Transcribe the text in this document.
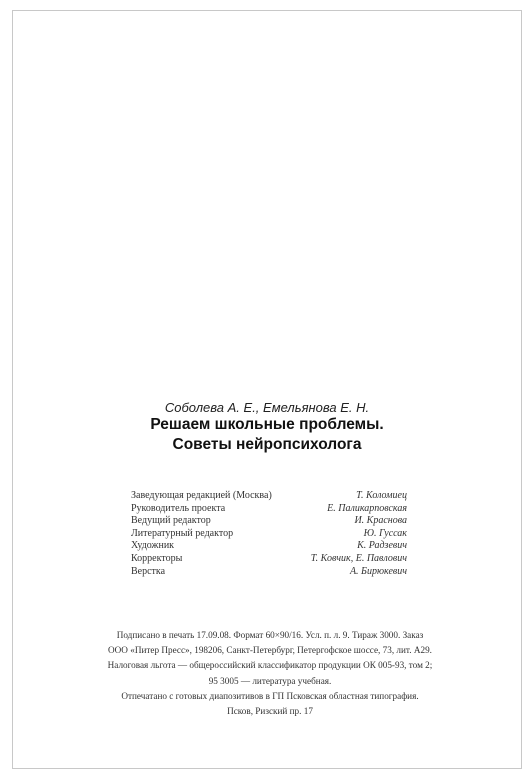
Соболева А. Е., Емельянова Е. Н.
Решаем школьные проблемы.
Советы нейропсихолога
Заведующая редакцией (Москва)	Т. Коломиец
Руководитель проекта	Е. Паликарповская
Ведущий редактор	И. Краснова
Литературный редактор	Ю. Гуссак
Художник	К. Радзевич
Корректоры	Т. Ковчик, Е. Павлович
Верстка	А. Бирюкевич
Подписано в печать 17.09.08. Формат 60×90/16. Усл. п. л. 9. Тираж 3000. Заказ
ООО «Питер Пресс», 198206, Санкт-Петербург, Петергофское шоссе, 73, лит. А29.
Налоговая льгота — общероссийский классификатор продукции ОК 005-93, том 2;
95 3005 — литература учебная.
Отпечатано с готовых диапозитивов в ГП Псковская областная типография.
Псков, Ризский пр. 17
